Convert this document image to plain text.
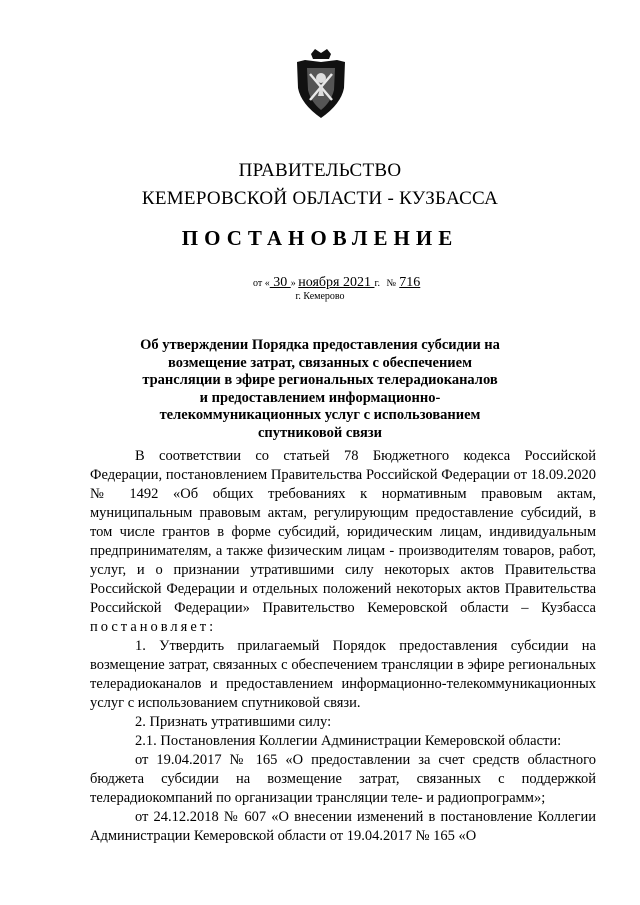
ПРАВИТЕЛЬСТВО
КЕМЕРОВСКОЙ ОБЛАСТИ - КУЗБАССА
ПОСТАНОВЛЕНИЕ
от « 30 » ноября 2021 г. № 716
г. Кемерово
Об утверждении Порядка предоставления субсидии на возмещение затрат, связанных с обеспечением трансляции в эфире региональных телерадиоканалов и предоставлением информационно-телекоммуникационных услуг с использованием спутниковой связи

В соответствии со статьей 78 Бюджетного кодекса Российской Федерации, постановлением Правительства Российской Федерации от 18.09.2020 № 1492 «Об общих требованиях к нормативным правовым актам, муниципальным правовым актам, регулирующим предоставление субсидий, в том числе грантов в форме субсидий, юридическим лицам, индивидуальным предпринимателям, а также физическим лицам - производителям товаров, работ, услуг, и о признании утратившими силу некоторых актов Правительства Российской Федерации и отдельных положений некоторых актов Правительства Российской Федерации» Правительство Кемеровской области – Кузбасса постановляет:

1. Утвердить прилагаемый Порядок предоставления субсидии на возмещение затрат, связанных с обеспечением трансляции в эфире региональных телерадиоканалов и предоставлением информационно-телекоммуникационных услуг с использованием спутниковой связи.

2. Признать утратившими силу:

2.1. Постановления Коллегии Администрации Кемеровской области:

от 19.04.2017 № 165 «О предоставлении за счет средств областного бюджета субсидии на возмещение затрат, связанных с поддержкой телерадиокомпаний по организации трансляции теле- и радиопрограмм»;

от 24.12.2018 № 607 «О внесении изменений в постановление Коллегии Администрации Кемеровской области от 19.04.2017 № 165 «О
